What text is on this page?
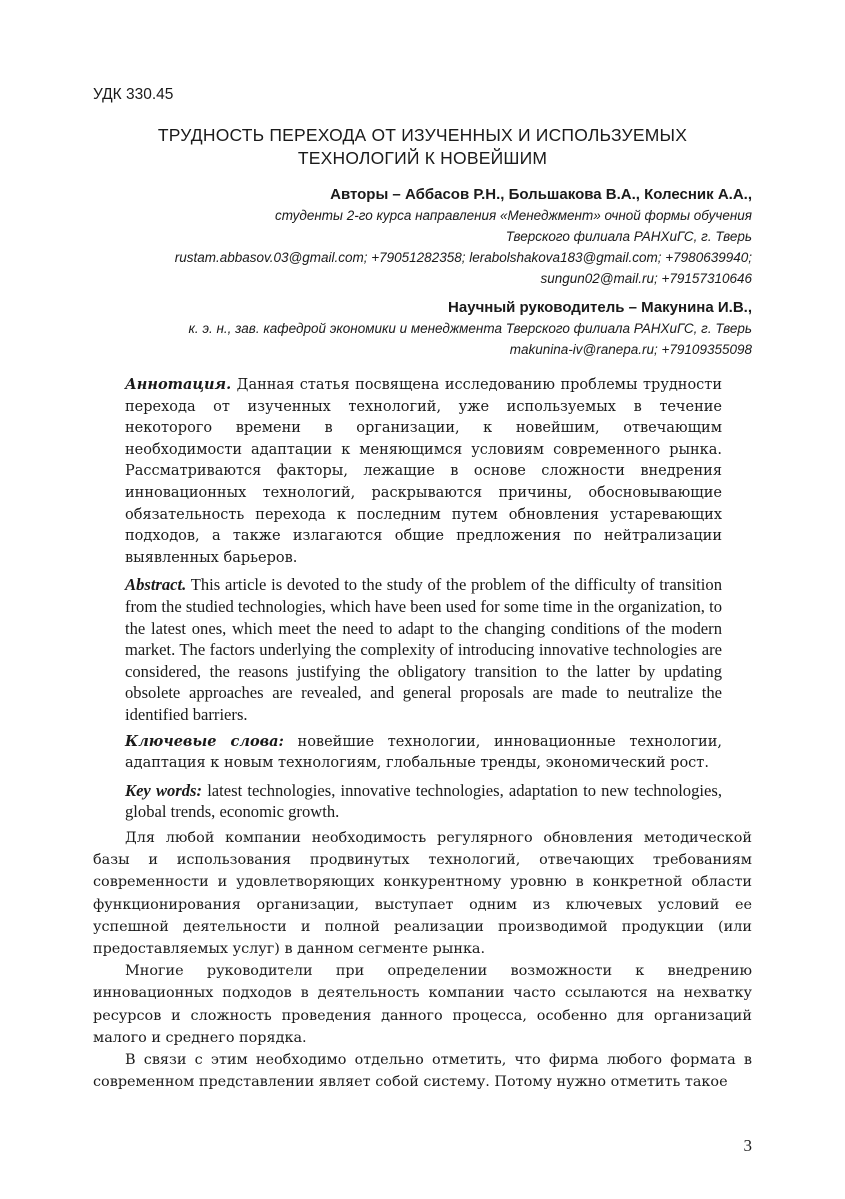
УДК 330.45
ТРУДНОСТЬ ПЕРЕХОДА ОТ ИЗУЧЕННЫХ И ИСПОЛЬЗУЕМЫХ
ТЕХНОЛОГИЙ К НОВЕЙШИМ
Авторы – Аббасов Р.Н., Большакова В.А., Колесник А.А.,
студенты 2-го курса направления «Менеджмент» очной формы обучения
Тверского филиала РАНХиГС, г. Тверь
rustam.abbasov.03@gmail.com; +79051282358; lerabolshakova183@gmail.com; +7980639940;
sungun02@mail.ru; +79157310646
Научный руководитель – Макунина И.В.,
к. э. н., зав. кафедрой экономики и менеджмента Тверского филиала РАНХиГС, г. Тверь
makunina-iv@ranepa.ru; +79109355098

Аннотация. Данная статья посвящена исследованию проблемы трудности перехода от изученных технологий, уже используемых в течение некоторого времени в организации, к новейшим, отвечающим необходимости адаптации к меняющимся условиям современного рынка. Рассматриваются факторы, лежащие в основе сложности внедрения инновационных технологий, раскрываются причины, обосновывающие обязательность перехода к последним путем обновления устаревающих подходов, а также излагаются общие предложения по нейтрализации выявленных барьеров.

Abstract. This article is devoted to the study of the problem of the difficulty of transition from the studied technologies, which have been used for some time in the organization, to the latest ones, which meet the need to adapt to the changing conditions of the modern market. The factors underlying the complexity of introducing innovative technologies are considered, the reasons justifying the obligatory transition to the latter by updating obsolete approaches are revealed, and general proposals are made to neutralize the identified barriers.

Ключевые слова: новейшие технологии, инновационные технологии, адаптация к новым технологиям, глобальные тренды, экономический рост.

Key words: latest technologies, innovative technologies, adaptation to new technologies, global trends, economic growth.

Для любой компании необходимость регулярного обновления методической базы и использования продвинутых технологий, отвечающих требованиям современности и удовлетворяющих конкурентному уровню в конкретной области функционирования организации, выступает одним из ключевых условий ее успешной деятельности и полной реализации производимой продукции (или предоставляемых услуг) в данном сегменте рынка.

Многие руководители при определении возможности к внедрению инновационных подходов в деятельность компании часто ссылаются на нехватку ресурсов и сложность проведения данного процесса, особенно для организаций малого и среднего порядка.

В связи с этим необходимо отдельно отметить, что фирма любого формата в современном представлении являет собой систему. Потому нужно отметить такое

3
